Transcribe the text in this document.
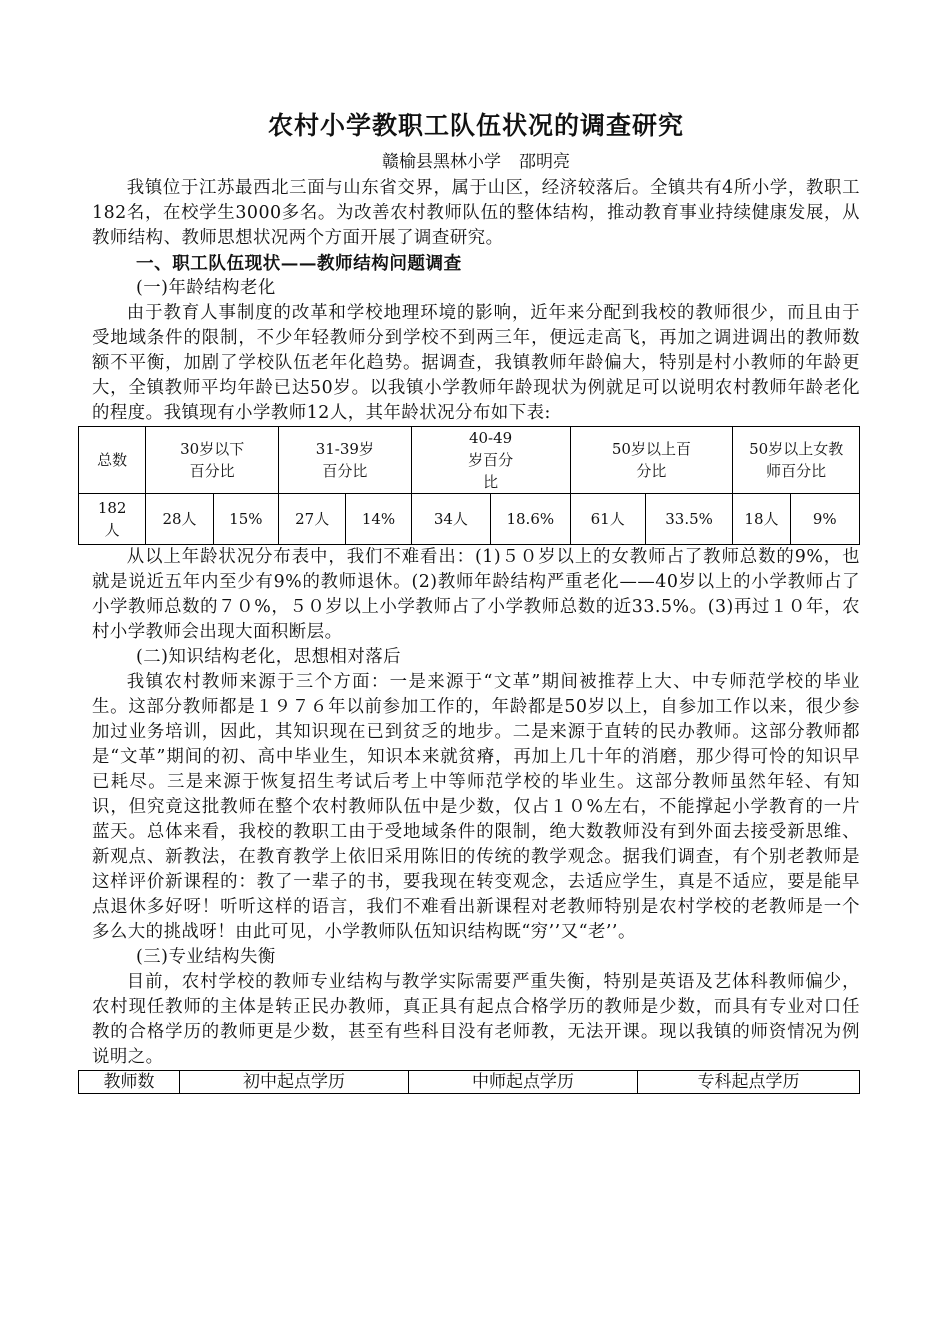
农村小学教职工队伍状况的调查研究
赣榆县黑林小学 邵明亮

我镇位于江苏最西北三面与山东省交界，属于山区，经济较落后。全镇共有4所小学，教职工182名，在校学生3000多名。为改善农村教师队伍的整体结构，推动教育事业持续健康发展，从教师结构、教师思想状况两个方面开展了调查研究。

一、职工队伍现状——教师结构问题调查
(一)年龄结构老化

由于教育人事制度的改革和学校地理环境的影响，近年来分配到我校的教师很少，而且由于受地域条件的限制，不少年轻教师分到学校不到两三年，便远走高飞，再加之调进调出的教师数额不平衡，加剧了学校队伍老年化趋势。据调查，我镇教师年龄偏大，特别是村小教师的年龄更大，全镇教师平均年龄已达50岁。以我镇小学教师年龄现状为例就足可以说明农村教师年龄老化的程度。我镇现有小学教师12人，其年龄状况分布如下表:

总数	30岁以下百分比		31-39岁百分比		40-49岁百分比		50岁以上百分比		50岁以上女教师百分比	
182人	28人	15%	27人	14%	34人	18.6%	61人	33.5%	18人	9%

从以上年龄状况分布表中，我们不难看出：(1)５０岁以上的女教师占了教师总数的9%，也就是说近五年内至少有9%的教师退休。(2)教师年龄结构严重老化——40岁以上的小学教师占了小学教师总数的７０%，５０岁以上小学教师占了小学教师总数的近33.5%。(3)再过１０年，农村小学教师会出现大面积断层。

(二)知识结构老化，思想相对落后

我镇农村教师来源于三个方面：一是来源于“文革”期间被推荐上大、中专师范学校的毕业生。这部分教师都是１９７６年以前参加工作的，年龄都是50岁以上，自参加工作以来，很少参加过业务培训，因此，其知识现在已到贫乏的地步。二是来源于直转的民办教师。这部分教师都是“文革”期间的初、高中毕业生，知识本来就贫瘠，再加上几十年的消磨，那少得可怜的知识早已耗尽。三是来源于恢复招生考试后考上中等师范学校的毕业生。这部分教师虽然年轻、有知识，但究竟这批教师在整个农村教师队伍中是少数，仅占１０%左右，不能撑起小学教育的一片蓝天。总体来看，我校的教职工由于受地域条件的限制，绝大数教师没有到外面去接受新思维、新观点、新教法，在教育教学上依旧采用陈旧的传统的教学观念。据我们调查，有个别老教师是这样评价新课程的：教了一辈子的书，要我现在转变观念，去适应学生，真是不适应，要是能早点退休多好呀！听听这样的语言，我们不难看出新课程对老教师特别是农村学校的老教师是一个多么大的挑战呀！由此可见，小学教师队伍知识结构既“穷’’又“老’’。

(三)专业结构失衡

目前，农村学校的教师专业结构与教学实际需要严重失衡，特别是英语及艺体科教师偏少，农村现任教师的主体是转正民办教师，真正具有起点合格学历的教师是少数，而具有专业对口任教的合格学历的教师更是少数，甚至有些科目没有老师教，无法开课。现以我镇的师资情况为例说明之。

教师数	初中起点学历	中师起点学历	专科起点学历
